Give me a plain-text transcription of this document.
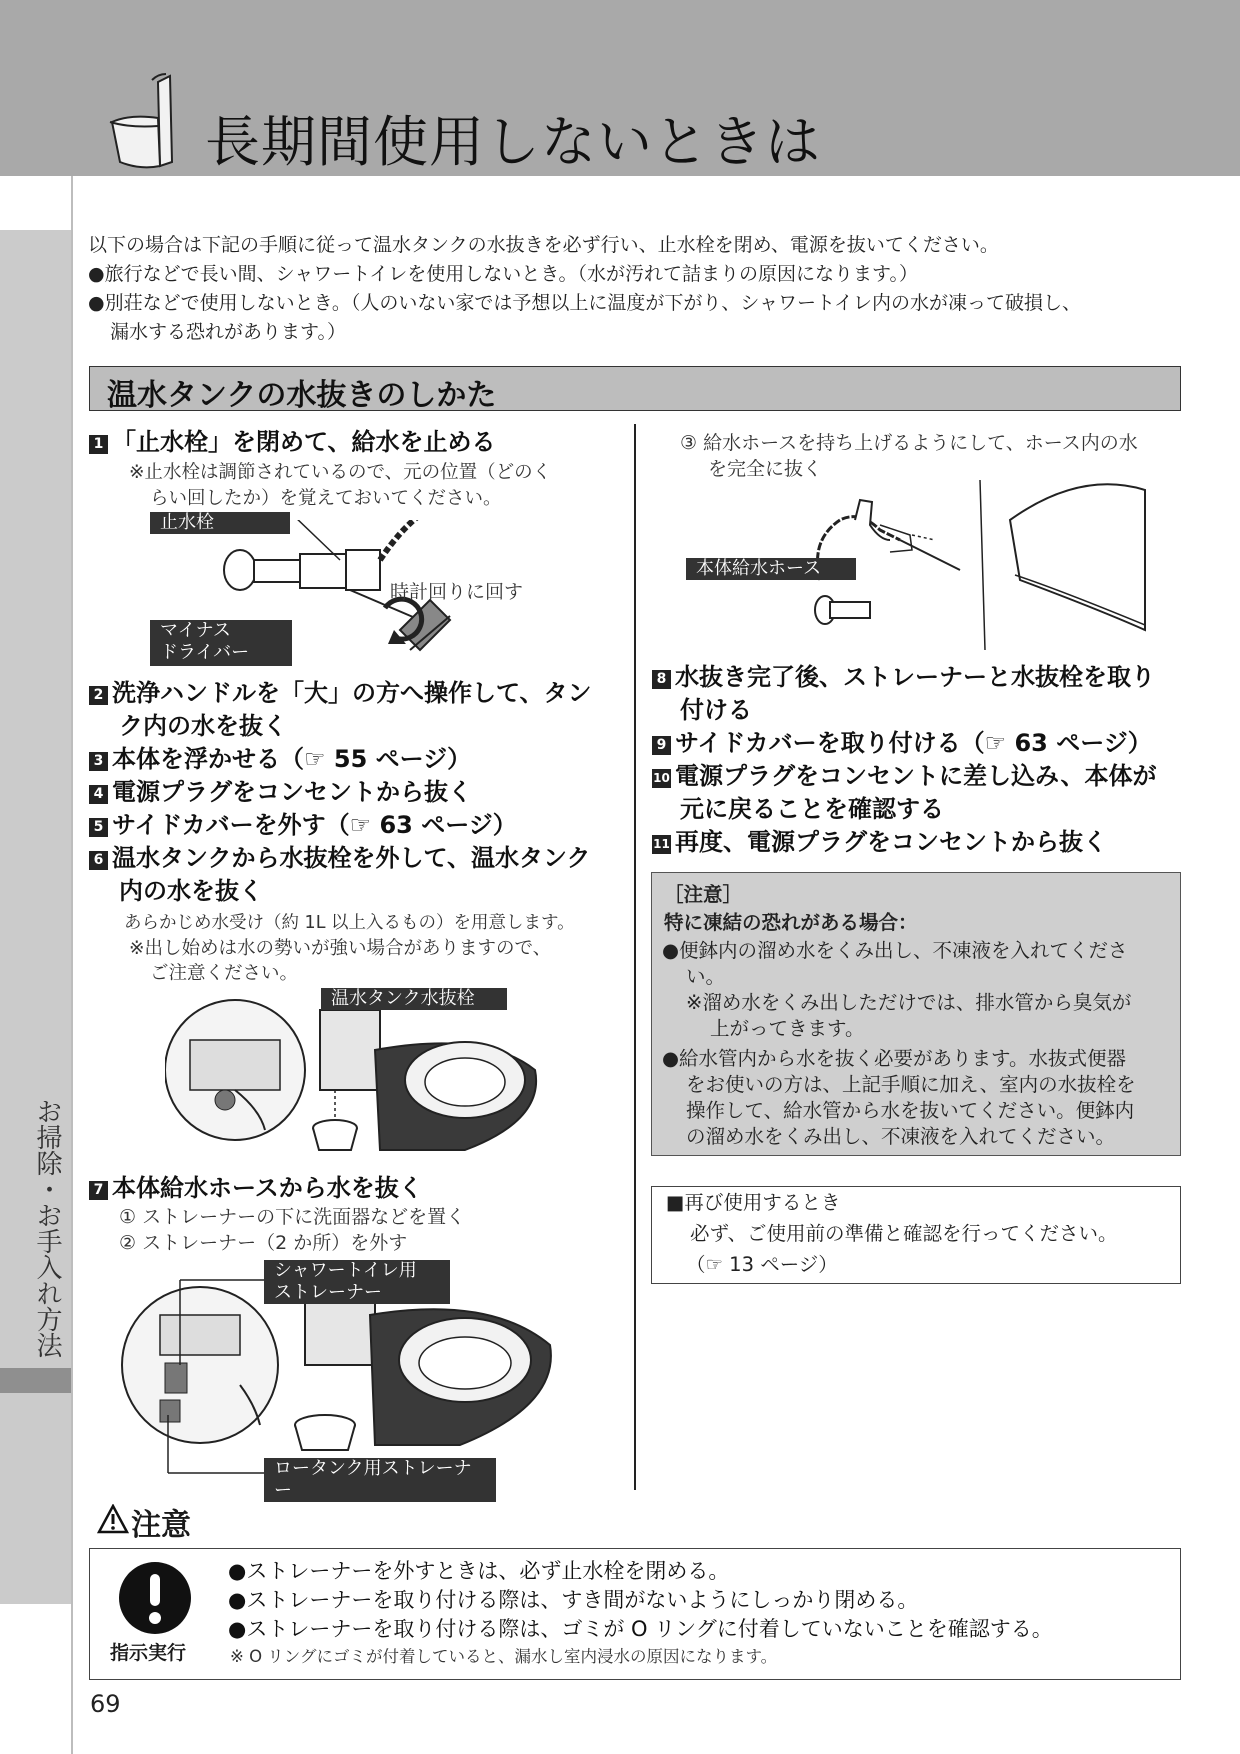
長期間使用しないときは
お掃除・お手入れ方法
以下の場合は下記の手順に従って温水タンクの水抜きを必ず行い、止水栓を閉め、電源を抜いてください。
●旅行などで長い間、シャワートイレを使用しないとき。（水が汚れて詰まりの原因になります。）
●別荘などで使用しないとき。（人のいない家では予想以上に温度が下がり、シャワートイレ内の水が凍って破損し、
漏水する恐れがあります。）
温水タンクの水抜きのしかた
1 「止水栓」を閉めて、給水を止める
※止水栓は調節されているので、元の位置（どのく
らい回したか）を覚えておいてください。
止水栓
時計回りに回す
マイナス
ドライバー
2 洗浄ハンドルを「大」の方へ操作して、タン
ク内の水を抜く
3 本体を浮かせる（☞ 55 ページ）
4 電源プラグをコンセントから抜く
5 サイドカバーを外す（☞ 63 ページ）
6 温水タンクから水抜栓を外して、温水タンク
内の水を抜く
あらかじめ水受け（約 1L 以上入るもの）を用意します。
※出し始めは水の勢いが強い場合がありますので、
ご注意ください。
温水タンク水抜栓
7 本体給水ホースから水を抜く
① ストレーナーの下に洗面器などを置く
② ストレーナー（2 か所）を外す
シャワートイレ用
ストレーナー
ロータンク用ストレーナー
③ 給水ホースを持ち上げるようにして、ホース内の水
を完全に抜く
本体給水ホース
8 水抜き完了後、ストレーナーと水抜栓を取り
付ける
9 サイドカバーを取り付ける（☞ 63 ページ）
10 電源プラグをコンセントに差し込み、本体が
元に戻ることを確認する
11 再度、電源プラグをコンセントから抜く
［注意］
特に凍結の恐れがある場合：
●便鉢内の溜め水をくみ出し、不凍液を入れてくださ
い。
※溜め水をくみ出しただけでは、排水管から臭気が
上がってきます。
●給水管内から水を抜く必要があります。水抜式便器
をお使いの方は、上記手順に加え、室内の水抜栓を
操作して、給水管から水を抜いてください。便鉢内
の溜め水をくみ出し、不凍液を入れてください。
■再び使用するとき
必ず、ご使用前の準備と確認を行ってください。
（☞ 13 ページ）
注意
指示実行
●ストレーナーを外すときは、必ず止水栓を閉める。
●ストレーナーを取り付ける際は、すき間がないようにしっかり閉める。
●ストレーナーを取り付ける際は、ゴミが O リングに付着していないことを確認する。
※ O リングにゴミが付着していると、漏水し室内浸水の原因になります。
69
